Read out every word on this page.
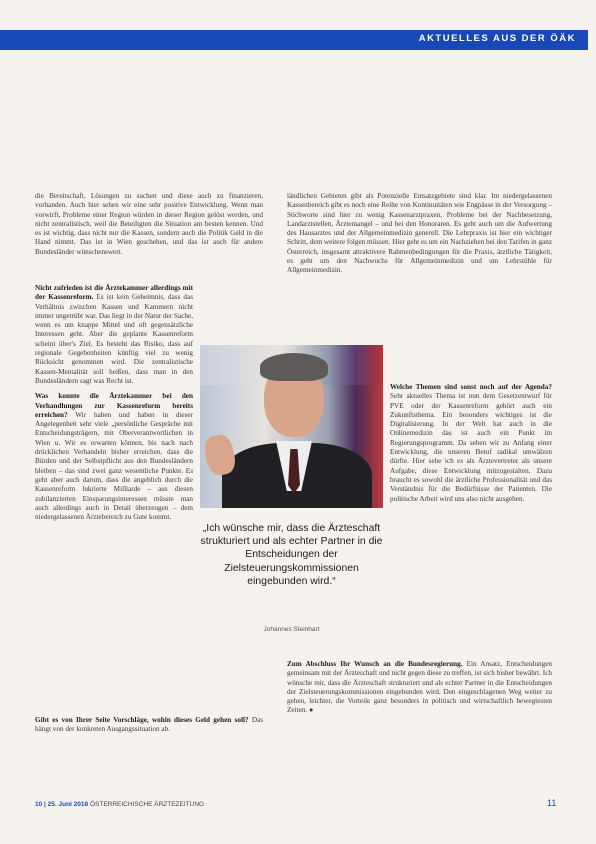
AKTUELLES AUS DER ÖÄK

die Bereitschaft, Lösungen zu suchen und diese auch zu finanzieren, vorhanden. Auch hier sehen wir eine sehr positive Entwicklung. Wenn man vorwirft, Probleme einer Region würden in dieser Region gelöst werden, und nicht zentralistisch, weil die Beteiligten die Situation am besten kennen. Und es ist wichtig, dass nicht nur die Kassen, sondern auch die Politik Geld in die Hand nimmt. Das ist in Wien geschehen, und das ist auch für andere Bundesländer wünschenswert.

Nicht zufrieden ist die Ärztekammer allerdings mit der Kassenreform. Es ist kein Geheimnis, dass das Verhältnis zwischen Kassen und Kammern nicht immer ungetrübt war. Das liegt in der Natur der Sache, wenn es um knappe Mittel und oft gegensätzliche Interessen geht. Aber die geplante Kassenreform scheint über's Ziel. Es besteht das Risiko, dass auf regionale Gegebenheiten künftig viel zu wenig Rücksicht genommen wird. Die zentralistische Kassen-Mentalität soll heißen, dass man in den Bundesländern sagt was Recht ist.

Was konnte die Ärztekammer bei den Verhandlungen zur Kassenreform bereits erreichen? Wir haben und haben in dieser Angelegenheit sehr viele „persönliche Gespräche mit Entscheidungsträgern, mit Oberverantwortlichen in Wien u. Wir es erwarten können, bis nach nach drücklichen Verhandeln bisher erreichen, dass die Bürden und der Selbstpflicht aus den Bundesländern bleiben – das sind zwei ganz wesentliche Punkte. Es geht aber auch darum, dass die angeblich durch die Kassenreform lukrierte Milliarde – aus diesen zubilanzierten Einsparungsinteressen müsste man auch allerdings auch in Detail überzeugen – dem niedergelassenen Ärztebereich zu Gute kommt.

Gibt es von Ihrer Seite Vorschläge, wohin dieses Geld gehen soll? Das hängt von der konkreten Ausgangssituation ab.

ländlichen Gebieten gibt als Potenzielle Entsatzgebiete sind klar. Im niedergelassenen Kassenbereich gibt es noch eine Reihe von Kontinuitäten wie Engpässe in der Versorgung – Stichworte sind hier zu wenig Kassenarztpraxen, Probleme bei der Nachbesetzung, Landarztstellen, Ärztemangel – und bei den Honoraren. Es geht auch um die Aufwertung des Hausarztes und der Allgemeinmedizin generell. Die Lehrpraxis ist hier ein wichtiger Schritt, dem weitere folgen müssen. Hier geht es um ein Nachziehen bei den Tarifen in ganz Österreich, insgesamt attraktivere Rahmenbedingungen für die Praxis, ärztliche Tätigkeit, es geht um den Nachwuchs für Allgemeinmedizin und um Lehrstühle für Allgemeinmedizin.

Welche Themen sind sonst noch auf der Agenda? Sehr aktuelles Thema ist nun dem Gesetzentwurf für PVE oder der Kassenreform gehört auch ein Zukunftsthema. Ein besonders wichtiges ist die Digitalisierung. In der Welt hat auch in die Onlinemedizin das ist auch ein Punkt im Regierungsprogramm. Da sehen wir zu Anfang einer Entwicklung, die unseren Beruf radikal umwälzen dürfte. Hier sehe ich es als Ärztevertreter als unsere Aufgabe, diese Entwicklung mitzugestalten. Dazu braucht es sowohl die ärztliche Professionalität und das Verständnis für die Bedürfnisse der Patienten. Die politische Arbeit wird uns also nicht ausgehen.

Zum Abschluss Ihr Wunsch an die Bundesregierung. Ein Ansatz, Entscheidungen gemeinsam mit der Ärzteschaft und nicht gegen diese zu treffen, ist sich bisher bewährt. Ich wünsche mir, dass die Ärzteschaft strukturiert und als echter Partner in die Entscheidungen der Zielsteuerungskommissionen eingebunden wird. Den eingeschlagenen Weg weiter zu gehen, leichter, die Vorteile ganz besonders in politisch und wirtschaftlich bewegtesten Zeiten. ●

„Ich wünsche mir, dass die Ärzteschaft strukturiert und als echter Partner in die Entscheidungen der Zielsteuerungskommissionen eingebunden wird.“
Johannes Steinhart
10 | 25. Juni 2018 ÖSTERREICHISCHE ÄRZTEZEITUNG	11
